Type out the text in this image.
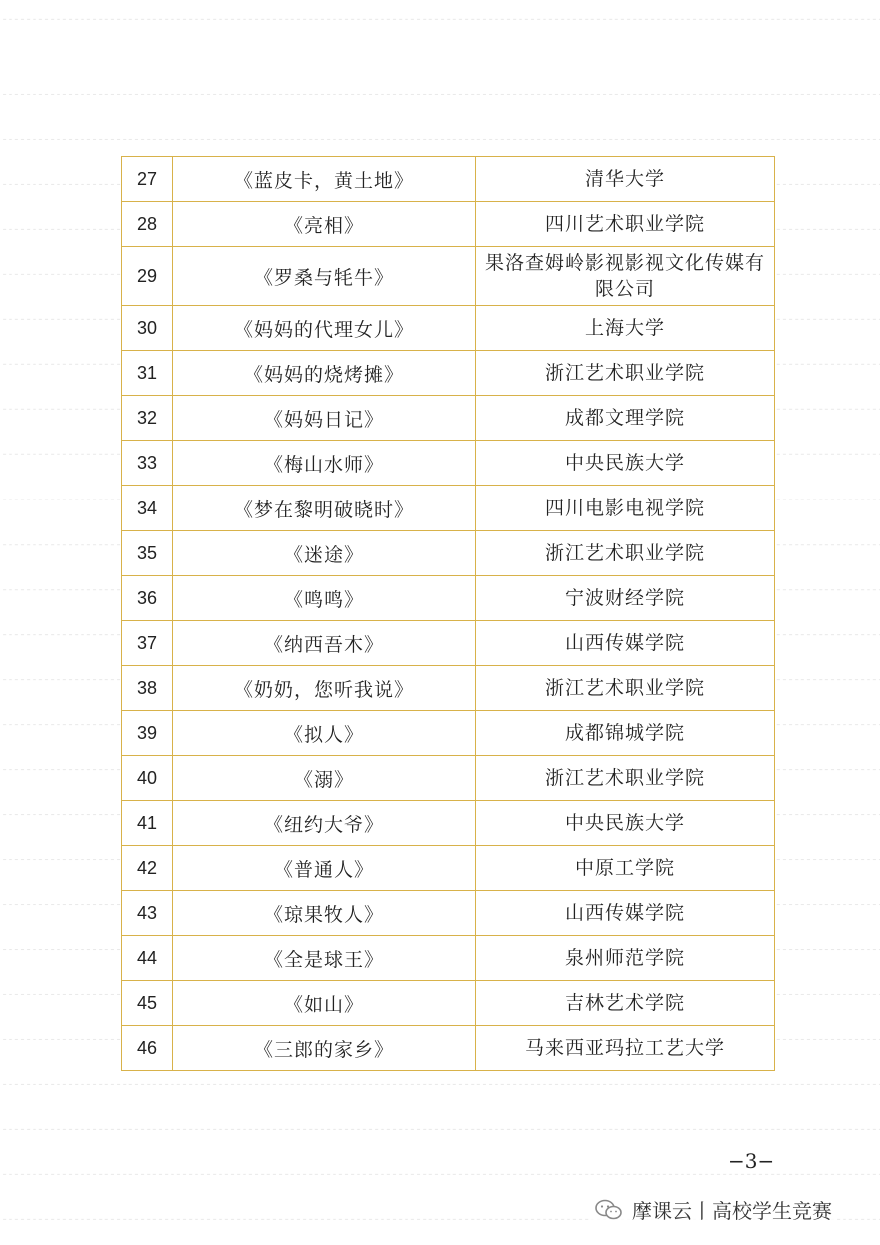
27	《蓝皮卡，黄土地》	清华大学
28	《亮相》	四川艺术职业学院
29	《罗桑与牦牛》	果洛查姆岭影视影视文化传媒有限公司
30	《妈妈的代理女儿》	上海大学
31	《妈妈的烧烤摊》	浙江艺术职业学院
32	《妈妈日记》	成都文理学院
33	《梅山水师》	中央民族大学
34	《梦在黎明破晓时》	四川电影电视学院
35	《迷途》	浙江艺术职业学院
36	《鸣鸣》	宁波财经学院
37	《纳西吾木》	山西传媒学院
38	《奶奶，您听我说》	浙江艺术职业学院
39	《拟人》	成都锦城学院
40	《溺》	浙江艺术职业学院
41	《纽约大爷》	中央民族大学
42	《普通人》	中原工学院
43	《琼果牧人》	山西传媒学院
44	《全是球王》	泉州师范学院
45	《如山》	吉林艺术学院
46	《三郎的家乡》	马来西亚玛拉工艺大学
−3−
摩课云丨高校学生竞赛
